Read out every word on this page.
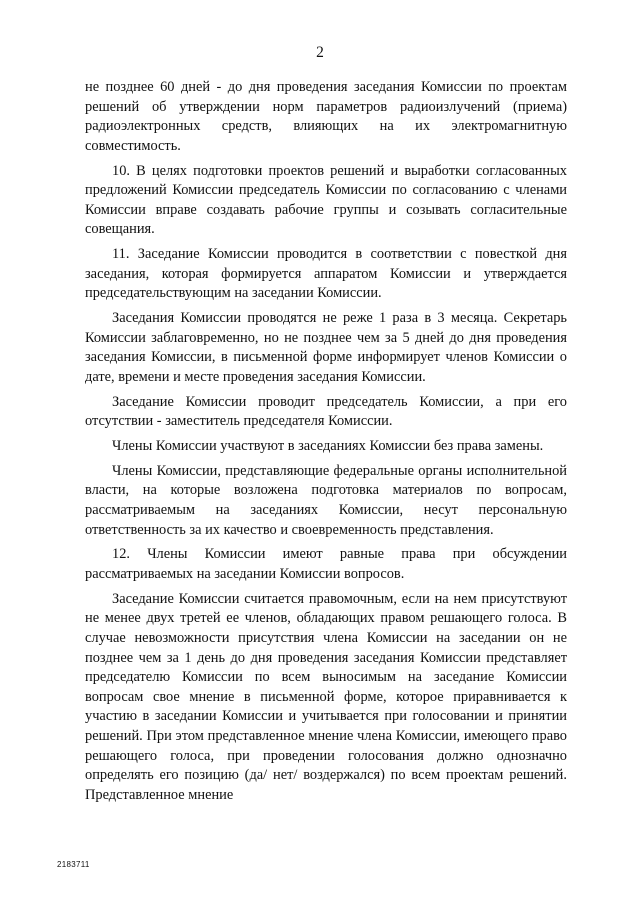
2

не позднее 60 дней - до дня проведения заседания Комиссии по проектам решений об утверждении норм параметров радиоизлучений (приема) радиоэлектронных средств, влияющих на их электромагнитную совместимость.

10. В целях подготовки проектов решений и выработки согласованных предложений Комиссии председатель Комиссии по согласованию с членами Комиссии вправе создавать рабочие группы и созывать согласительные совещания.

11. Заседание Комиссии проводится в соответствии с повесткой дня заседания, которая формируется аппаратом Комиссии и утверждается председательствующим на заседании Комиссии.

Заседания Комиссии проводятся не реже 1 раза в 3 месяца. Секретарь Комиссии заблаговременно, но не позднее чем за 5 дней до дня проведения заседания Комиссии, в письменной форме информирует членов Комиссии о дате, времени и месте проведения заседания Комиссии.

Заседание Комиссии проводит председатель Комиссии, а при его отсутствии - заместитель председателя Комиссии.

Члены Комиссии участвуют в заседаниях Комиссии без права замены.

Члены Комиссии, представляющие федеральные органы исполнительной власти, на которые возложена подготовка материалов по вопросам, рассматриваемым на заседаниях Комиссии, несут персональную ответственность за их качество и своевременность представления.

12. Члены Комиссии имеют равные права при обсуждении рассматриваемых на заседании Комиссии вопросов.

Заседание Комиссии считается правомочным, если на нем присутствуют не менее двух третей ее членов, обладающих правом решающего голоса. В случае невозможности присутствия члена Комиссии на заседании он не позднее чем за 1 день до дня проведения заседания Комиссии представляет председателю Комиссии по всем выносимым на заседание Комиссии вопросам свое мнение в письменной форме, которое приравнивается к участию в заседании Комиссии и учитывается при голосовании и принятии решений. При этом представленное мнение члена Комиссии, имеющего право решающего голоса, при проведении голосования должно однозначно определять его позицию (да/ нет/ воздержался) по всем проектам решений. Представленное мнение

2183711
